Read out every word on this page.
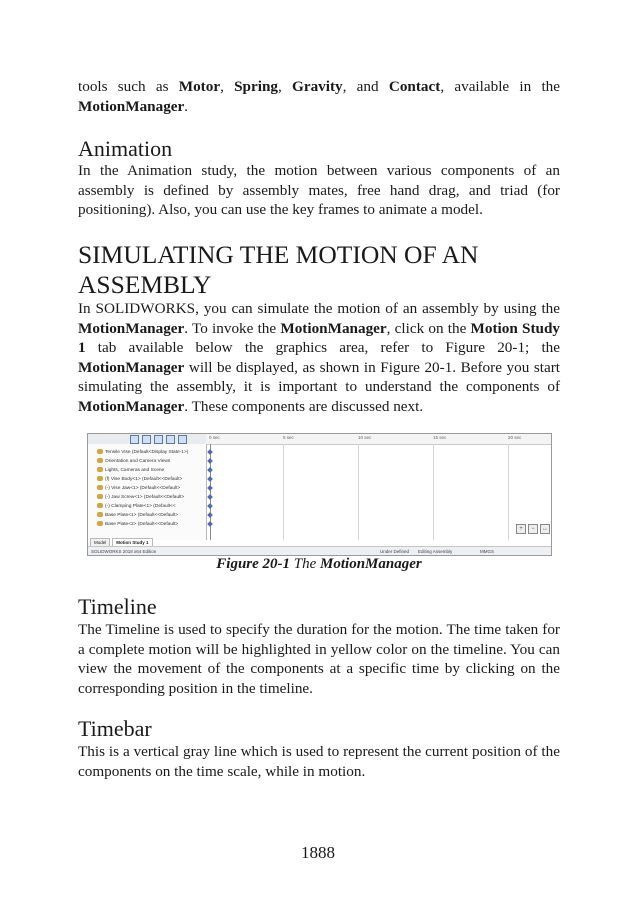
tools such as Motor, Spring, Gravity, and Contact, available in the MotionManager.

Animation

In the Animation study, the motion between various components of an assembly is defined by assembly mates, free hand drag, and triad (for positioning). Also, you can use the key frames to animate a model.

SIMULATING THE MOTION OF AN
ASSEMBLY

In SOLIDWORKS, you can simulate the motion of an assembly by using the MotionManager. To invoke the MotionManager, click on the Motion Study 1 tab available below the graphics area, refer to Figure 20-1; the MotionManager will be displayed, as shown in Figure 20-1. Before you start simulating the assembly, it is important to understand the components of MotionManager. These components are discussed next.

Figure 20-1 The MotionManager
Timeline

The Timeline is used to specify the duration for the motion. The time taken for a complete motion will be highlighted in yellow color on the timeline. You can view the movement of the components at a specific time by clicking on the corresponding position in the timeline.

Timebar

This is a vertical gray line which is used to represent the current position of the components on the time scale, while in motion.

0 sec	5 sec	10 sec	15 sec	20 sec
Tensile Vise (Default<Display State-1>)
Orientation and Camera Views
Lights, Cameras and Scene
(f) Vise Body<1> (Default<<Default>
(-) Vise Jaw<1> (Default<<Default>
(-) Jaw Screw<1> (Default<<Default>
(-) Clamping Plate<1> (Default<<
Base Plate<1> (Default<<Default>
Base Plate<2> (Default<<Default>
+	−	↔
Model Motion Study 1
SOLIDWORKS 2018 x64 Edition	Under Defined Editing Assembly	MMGS
1888
